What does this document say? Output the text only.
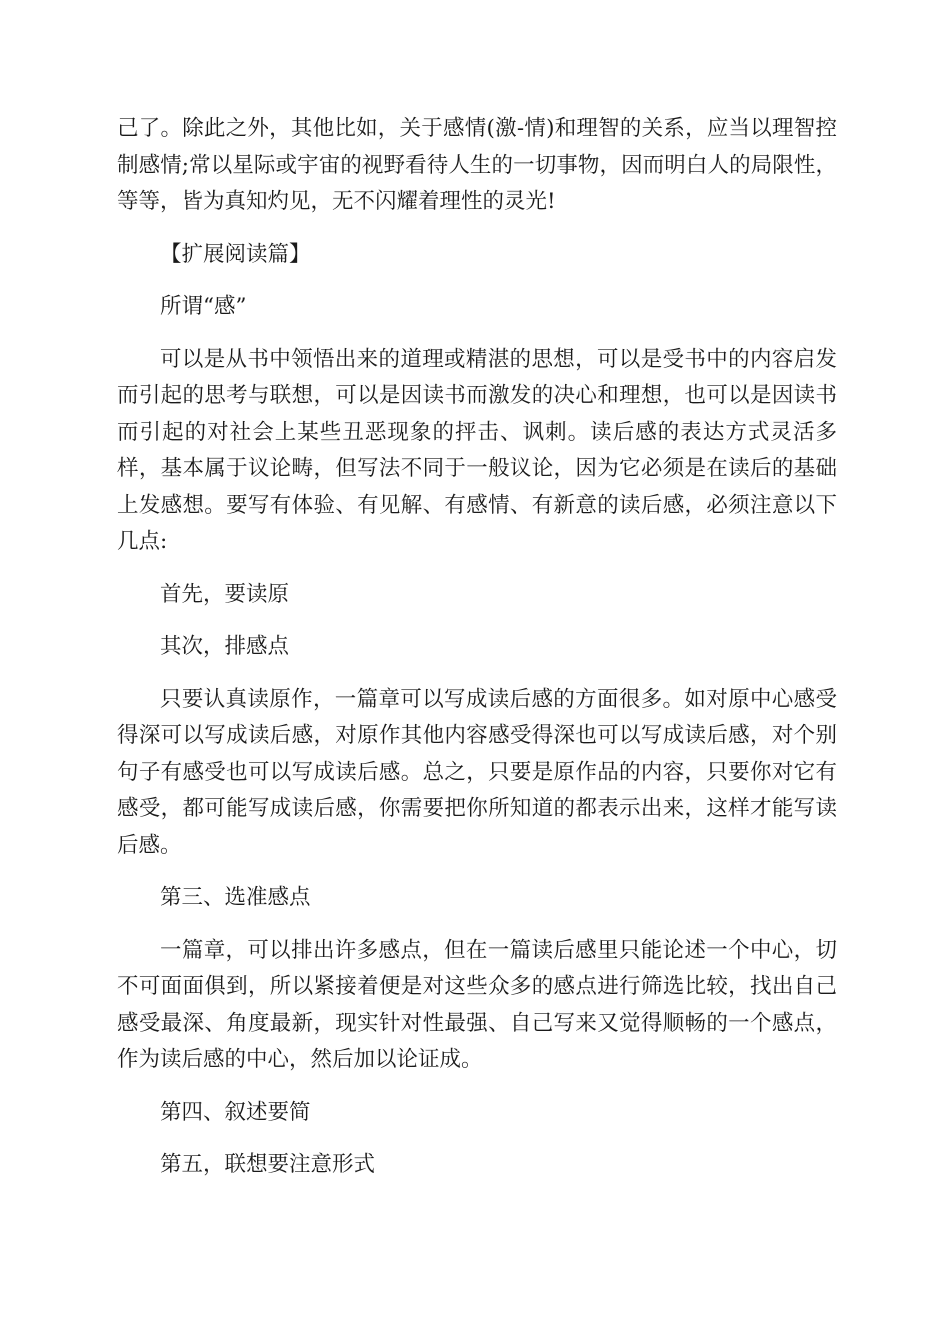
己了。除此之外，其他比如，关于感情(激-情)和理智的关系，应当以理智控制感情;常以星际或宇宙的视野看待人生的一切事物，因而明白人的局限性，等等，皆为真知灼见，无不闪耀着理性的灵光!

【扩展阅读篇】

所谓“感”

可以是从书中领悟出来的道理或精湛的思想，可以是受书中的内容启发而引起的思考与联想，可以是因读书而激发的决心和理想，也可以是因读书而引起的对社会上某些丑恶现象的抨击、讽刺。读后感的表达方式灵活多样，基本属于议论畴，但写法不同于一般议论，因为它必须是在读后的基础上发感想。要写有体验、有见解、有感情、有新意的读后感，必须注意以下几点:

首先，要读原

其次，排感点

只要认真读原作，一篇章可以写成读后感的方面很多。如对原中心感受得深可以写成读后感，对原作其他内容感受得深也可以写成读后感，对个别句子有感受也可以写成读后感。总之，只要是原作品的内容，只要你对它有感受，都可能写成读后感，你需要把你所知道的都表示出来，这样才能写读后感。

第三、选准感点

一篇章，可以排出许多感点，但在一篇读后感里只能论述一个中心，切不可面面俱到，所以紧接着便是对这些众多的感点进行筛选比较，找出自己感受最深、角度最新，现实针对性最强、自己写来又觉得顺畅的一个感点，作为读后感的中心，然后加以论证成。

第四、叙述要简

第五，联想要注意形式
